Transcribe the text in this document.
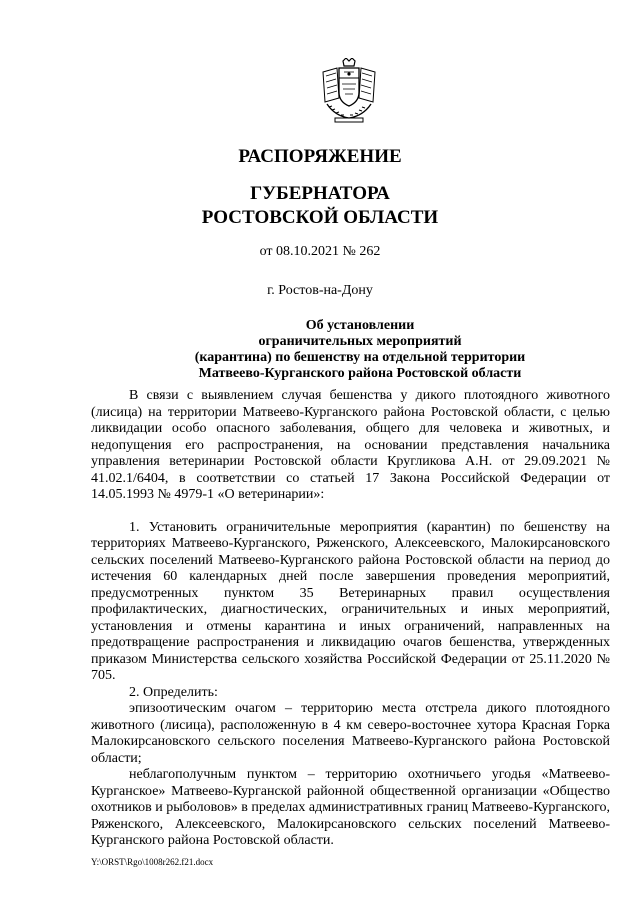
РАСПОРЯЖЕНИЕ
ГУБЕРНАТОРА
РОСТОВСКОЙ ОБЛАСТИ
от 08.10.2021 № 262
г. Ростов-на-Дону
Об установлении
ограничительных мероприятий
(карантина) по бешенству на отдельной территории
Матвеево-Курганского района Ростовской области

В связи с выявлением случая бешенства у дикого плотоядного животного (лисица) на территории Матвеево-Курганского района Ростовской области, с целью ликвидации особо опасного заболевания, общего для человека и животных, и недопущения его распространения, на основании представления начальника управления ветеринарии Ростовской области Кругликова А.Н. от 29.09.2021 № 41.02.1/6404, в соответствии со статьей 17 Закона Российской Федерации от 14.05.1993 № 4979-1 «О ветеринарии»:

1. Установить ограничительные мероприятия (карантин) по бешенству на территориях Матвеево-Курганского, Ряженского, Алексеевского, Малокирсановского сельских поселений Матвеево-Курганского района Ростовской области на период до истечения 60 календарных дней после завершения проведения мероприятий, предусмотренных пунктом 35 Ветеринарных правил осуществления профилактических, диагностических, ограничительных и иных мероприятий, установления и отмены карантина и иных ограничений, направленных на предотвращение распространения и ликвидацию очагов бешенства, утвержденных приказом Министерства сельского хозяйства Российской Федерации от 25.11.2020 № 705.

2. Определить:

эпизоотическим очагом – территорию места отстрела дикого плотоядного животного (лисица), расположенную в 4 км северо-восточнее хутора Красная Горка Малокирсановского сельского поселения Матвеево-Курганского района Ростовской области;

неблагополучным пунктом – территорию охотничьего угодья «Матвеево-Курганское» Матвеево-Курганской районной общественной организации «Общество охотников и рыболовов» в пределах административных границ Матвеево-Курганского, Ряженского, Алексеевского, Малокирсановского сельских поселений Матвеево-Курганского района Ростовской области.

Y:\ORST\Rgo\1008r262.f21.docx
